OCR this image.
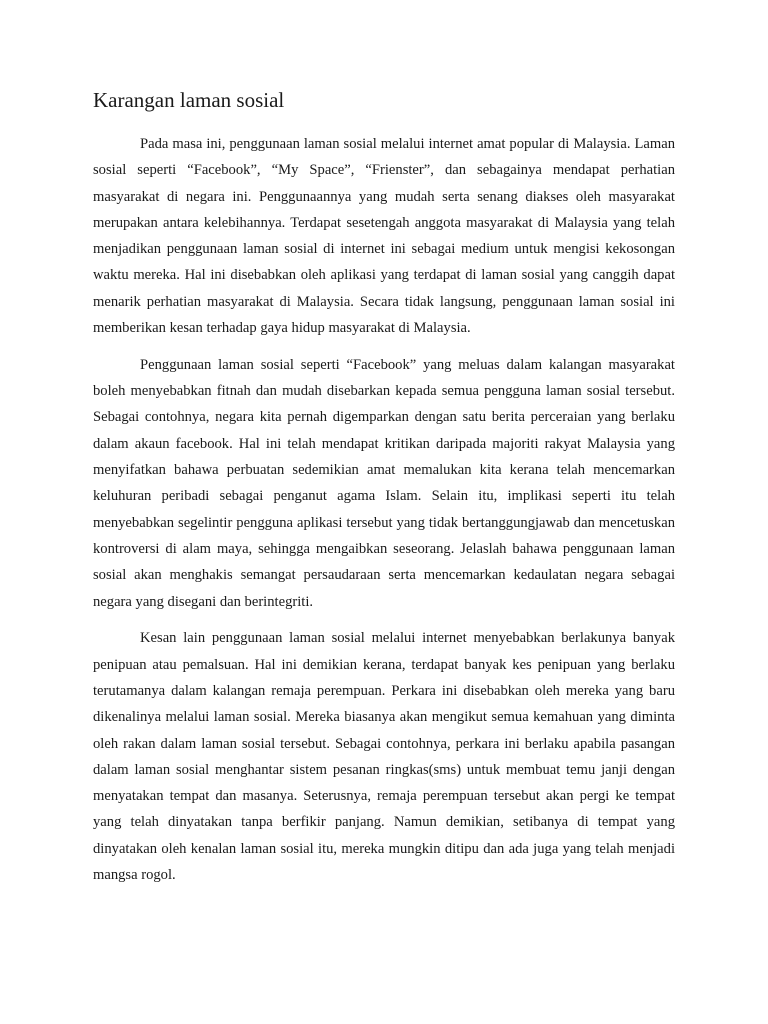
Karangan laman sosial

Pada masa ini, penggunaan laman sosial melalui internet amat popular di Malaysia. Laman sosial seperti “Facebook”, “My Space”, “Frienster”, dan sebagainya mendapat perhatian masyarakat di negara ini. Penggunaannya yang mudah serta senang diakses oleh masyarakat merupakan antara kelebihannya. Terdapat sesetengah anggota masyarakat di Malaysia yang telah menjadikan penggunaan laman sosial di internet ini sebagai medium untuk mengisi kekosongan waktu mereka. Hal ini disebabkan oleh aplikasi yang terdapat di laman sosial yang canggih dapat menarik perhatian masyarakat di Malaysia. Secara tidak langsung, penggunaan laman sosial ini memberikan kesan terhadap gaya hidup masyarakat di Malaysia.

Penggunaan laman sosial seperti “Facebook” yang meluas dalam kalangan masyarakat boleh menyebabkan fitnah dan mudah disebarkan kepada semua pengguna laman sosial tersebut. Sebagai contohnya, negara kita pernah digemparkan dengan satu berita perceraian yang berlaku dalam akaun facebook. Hal ini telah mendapat kritikan daripada majoriti rakyat Malaysia yang menyifatkan bahawa perbuatan sedemikian amat memalukan kita kerana telah mencemarkan keluhuran peribadi sebagai penganut agama Islam. Selain itu, implikasi seperti itu telah menyebabkan segelintir pengguna aplikasi tersebut yang tidak bertanggungjawab dan mencetuskan kontroversi di alam maya, sehingga mengaibkan seseorang. Jelaslah bahawa penggunaan laman sosial akan menghakis semangat persaudaraan serta mencemarkan kedaulatan negara sebagai negara yang disegani dan berintegriti.

Kesan lain penggunaan laman sosial melalui internet menyebabkan berlakunya banyak penipuan atau pemalsuan. Hal ini demikian kerana, terdapat banyak kes penipuan yang berlaku terutamanya dalam kalangan remaja perempuan. Perkara ini disebabkan oleh mereka yang baru dikenalinya melalui laman sosial. Mereka biasanya akan mengikut semua kemahuan yang diminta oleh rakan dalam laman sosial tersebut. Sebagai contohnya, perkara ini berlaku apabila pasangan dalam laman sosial menghantar sistem pesanan ringkas(sms) untuk membuat temu janji dengan menyatakan tempat dan masanya. Seterusnya, remaja perempuan tersebut akan pergi ke tempat yang telah dinyatakan tanpa berfikir panjang. Namun demikian, setibanya di tempat yang dinyatakan oleh kenalan laman sosial itu, mereka mungkin ditipu dan ada juga yang telah menjadi mangsa rogol.
